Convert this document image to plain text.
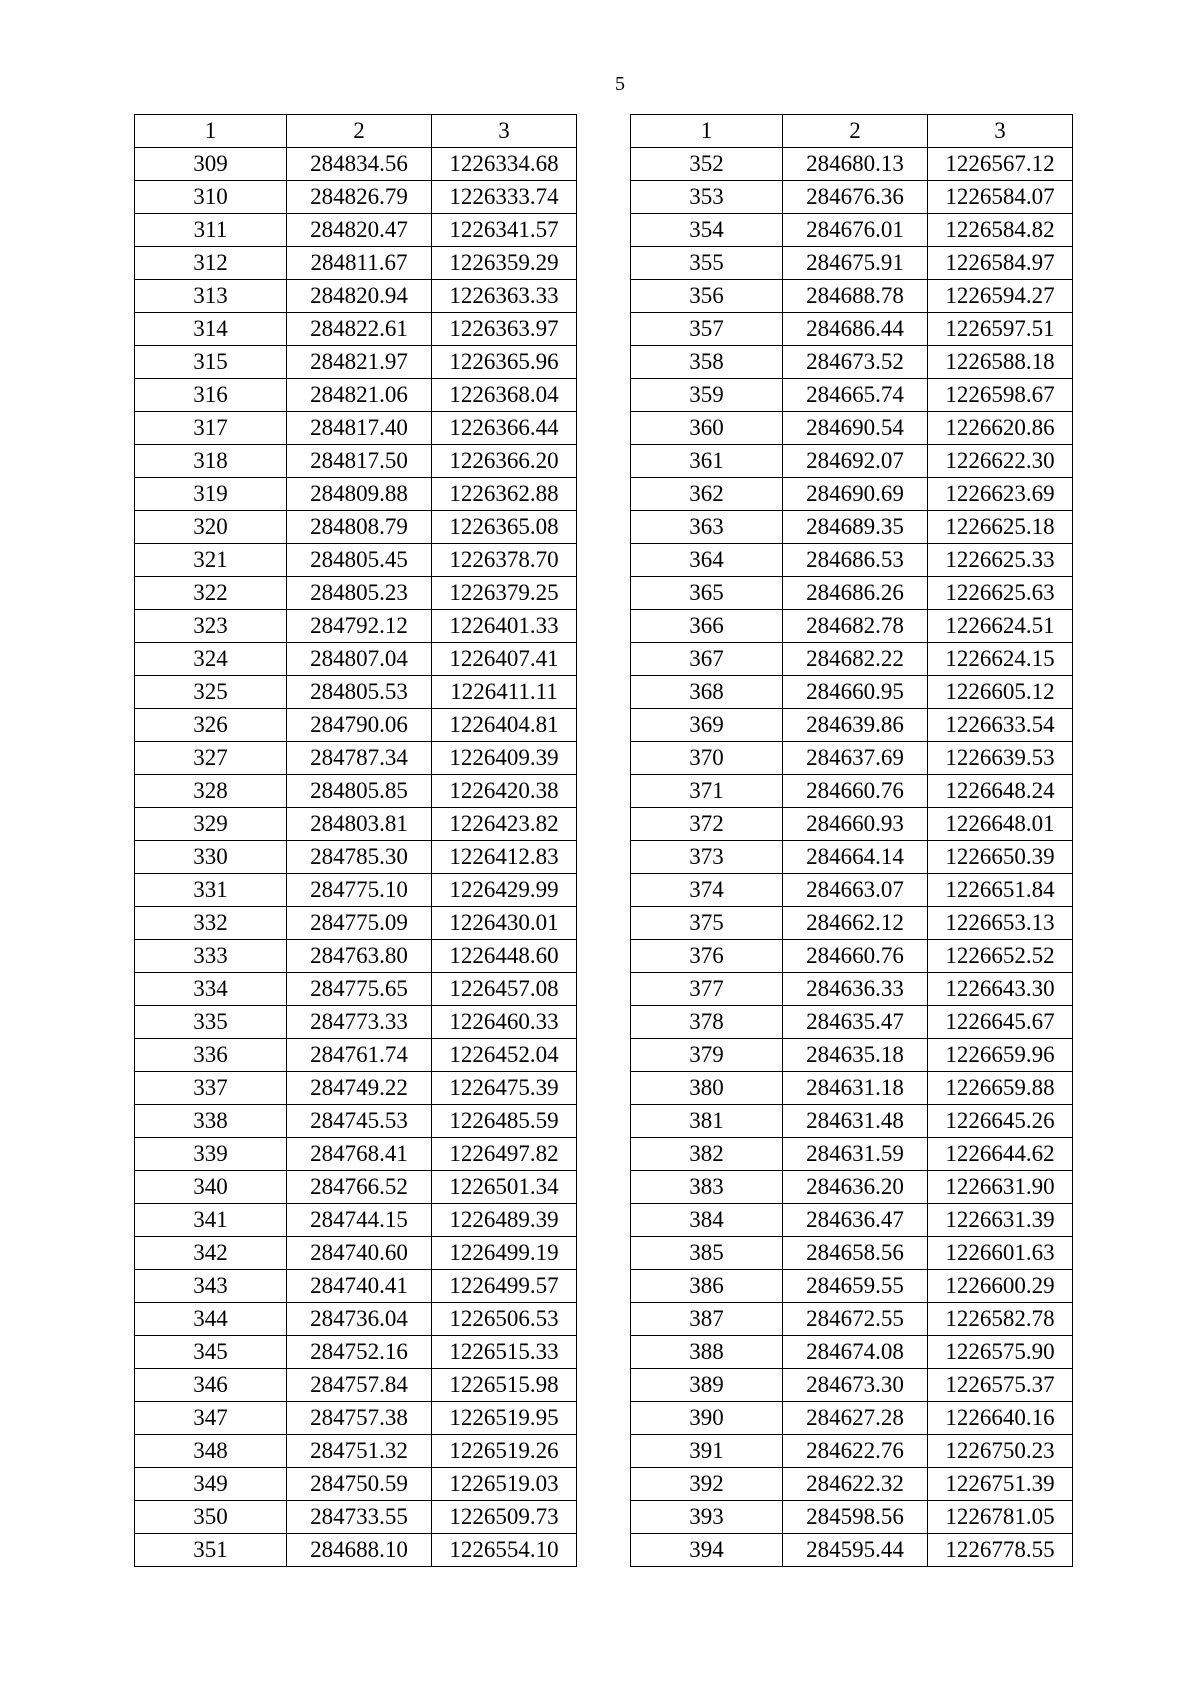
5
1	2	3
309	284834.56	1226334.68
310	284826.79	1226333.74
311	284820.47	1226341.57
312	284811.67	1226359.29
313	284820.94	1226363.33
314	284822.61	1226363.97
315	284821.97	1226365.96
316	284821.06	1226368.04
317	284817.40	1226366.44
318	284817.50	1226366.20
319	284809.88	1226362.88
320	284808.79	1226365.08
321	284805.45	1226378.70
322	284805.23	1226379.25
323	284792.12	1226401.33
324	284807.04	1226407.41
325	284805.53	1226411.11
326	284790.06	1226404.81
327	284787.34	1226409.39
328	284805.85	1226420.38
329	284803.81	1226423.82
330	284785.30	1226412.83
331	284775.10	1226429.99
332	284775.09	1226430.01
333	284763.80	1226448.60
334	284775.65	1226457.08
335	284773.33	1226460.33
336	284761.74	1226452.04
337	284749.22	1226475.39
338	284745.53	1226485.59
339	284768.41	1226497.82
340	284766.52	1226501.34
341	284744.15	1226489.39
342	284740.60	1226499.19
343	284740.41	1226499.57
344	284736.04	1226506.53
345	284752.16	1226515.33
346	284757.84	1226515.98
347	284757.38	1226519.95
348	284751.32	1226519.26
349	284750.59	1226519.03
350	284733.55	1226509.73
351	284688.10	1226554.10
1	2	3
352	284680.13	1226567.12
353	284676.36	1226584.07
354	284676.01	1226584.82
355	284675.91	1226584.97
356	284688.78	1226594.27
357	284686.44	1226597.51
358	284673.52	1226588.18
359	284665.74	1226598.67
360	284690.54	1226620.86
361	284692.07	1226622.30
362	284690.69	1226623.69
363	284689.35	1226625.18
364	284686.53	1226625.33
365	284686.26	1226625.63
366	284682.78	1226624.51
367	284682.22	1226624.15
368	284660.95	1226605.12
369	284639.86	1226633.54
370	284637.69	1226639.53
371	284660.76	1226648.24
372	284660.93	1226648.01
373	284664.14	1226650.39
374	284663.07	1226651.84
375	284662.12	1226653.13
376	284660.76	1226652.52
377	284636.33	1226643.30
378	284635.47	1226645.67
379	284635.18	1226659.96
380	284631.18	1226659.88
381	284631.48	1226645.26
382	284631.59	1226644.62
383	284636.20	1226631.90
384	284636.47	1226631.39
385	284658.56	1226601.63
386	284659.55	1226600.29
387	284672.55	1226582.78
388	284674.08	1226575.90
389	284673.30	1226575.37
390	284627.28	1226640.16
391	284622.76	1226750.23
392	284622.32	1226751.39
393	284598.56	1226781.05
394	284595.44	1226778.55
